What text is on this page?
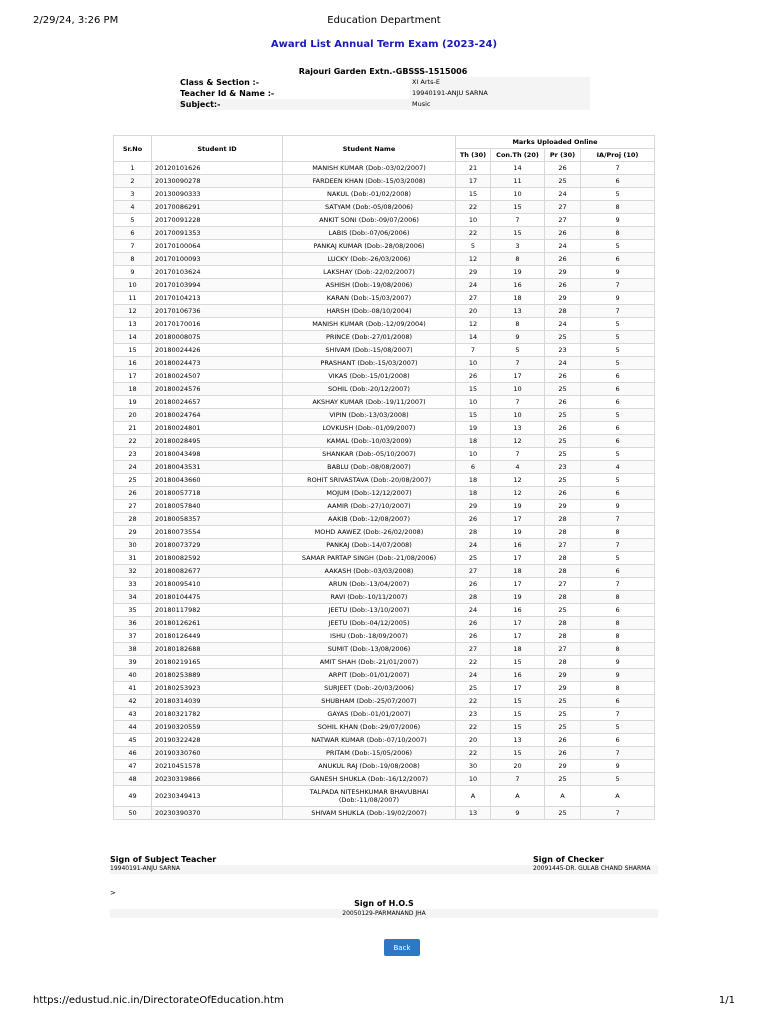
2/29/24, 3:26 PM	Education Department
Award List Annual Term Exam (2023-24)
Rajouri Garden Extn.-GBSSS-1515006
Class & Section :-	XI Arts-E
Teacher Id & Name :-	19940191-ANJU SARNA
Subject:-	Music
Sr.No	Student ID	Student Name	Marks Uploaded Online			
			Th (30)	Con.Th (20)	Pr (30)	IA/Proj (10)
1	20120101626	MANISH KUMAR (Dob:-03/02/2007)	21	14	26	7
2	20130090278	FARDEEN KHAN (Dob:-15/03/2008)	17	11	25	6
3	20130090333	NAKUL (Dob:-01/02/2008)	15	10	24	5
4	20170086291	SATYAM (Dob:-05/08/2006)	22	15	27	8
5	20170091228	ANKIT SONI (Dob:-09/07/2006)	10	7	27	9
6	20170091353	LABIS (Dob:-07/06/2006)	22	15	26	8
7	20170100064	PANKAJ KUMAR (Dob:-28/08/2006)	5	3	24	5
8	20170100093	LUCKY (Dob:-26/03/2006)	12	8	26	6
9	20170103624	LAKSHAY (Dob:-22/02/2007)	29	19	29	9
10	20170103994	ASHISH (Dob:-19/08/2006)	24	16	26	7
11	20170104213	KARAN (Dob:-15/03/2007)	27	18	29	9
12	20170106736	HARSH (Dob:-08/10/2004)	20	13	28	7
13	20170170016	MANISH KUMAR (Dob:-12/09/2004)	12	8	24	5
14	20180008075	PRINCE (Dob:-27/01/2008)	14	9	25	5
15	20180024426	SHIVAM (Dob:-15/08/2007)	7	5	23	5
16	20180024473	PRASHANT (Dob:-15/03/2007)	10	7	24	5
17	20180024507	VIKAS (Dob:-15/01/2008)	26	17	26	6
18	20180024576	SOHIL (Dob:-20/12/2007)	15	10	25	6
19	20180024657	AKSHAY KUMAR (Dob:-19/11/2007)	10	7	26	6
20	20180024764	VIPIN (Dob:-13/03/2008)	15	10	25	5
21	20180024801	LOVKUSH (Dob:-01/09/2007)	19	13	26	6
22	20180028495	KAMAL (Dob:-10/03/2009)	18	12	25	6
23	20180043498	SHANKAR (Dob:-05/10/2007)	10	7	25	5
24	20180043531	BABLU (Dob:-08/08/2007)	6	4	23	4
25	20180043660	ROHIT SRIVASTAVA (Dob:-20/08/2007)	18	12	25	5
26	20180057718	MOJUM (Dob:-12/12/2007)	18	12	26	6
27	20180057840	AAMIR (Dob:-27/10/2007)	29	19	29	9
28	20180058357	AAKIB (Dob:-12/08/2007)	26	17	28	7
29	20180073554	MOHD AAWEZ (Dob:-26/02/2008)	28	19	28	8
30	20180073729	PANKAJ (Dob:-14/07/2008)	24	16	27	7
31	20180082592	SAMAR PARTAP SINGH (Dob:-21/08/2006)	25	17	28	5
32	20180082677	AAKASH (Dob:-03/03/2008)	27	18	28	6
33	20180095410	ARUN (Dob:-13/04/2007)	26	17	27	7
34	20180104475	RAVI (Dob:-10/11/2007)	28	19	28	8
35	20180117982	JEETU (Dob:-13/10/2007)	24	16	25	6
36	20180126261	JEETU (Dob:-04/12/2005)	26	17	28	8
37	20180126449	ISHU (Dob:-18/09/2007)	26	17	28	8
38	20180182688	SUMIT (Dob:-13/08/2006)	27	18	27	8
39	20180219165	AMIT SHAH (Dob:-21/01/2007)	22	15	28	9
40	20180253889	ARPIT (Dob:-01/01/2007)	24	16	29	9
41	20180253923	SURJEET (Dob:-20/03/2006)	25	17	29	8
42	20180314039	SHUBHAM (Dob:-25/07/2007)	22	15	25	6
43	20180321782	GAYAS (Dob:-01/01/2007)	23	15	25	7
44	20190320559	SOHIL KHAN (Dob:-29/07/2006)	22	15	25	5
45	20190322428	NATWAR KUMAR (Dob:-07/10/2007)	20	13	26	6
46	20190330760	PRITAM (Dob:-15/05/2006)	22	15	26	7
47	20210451578	ANUKUL RAJ (Dob:-19/08/2008)	30	20	29	9
48	20230319866	GANESH SHUKLA (Dob:-16/12/2007)	10	7	25	5
49	20230349413	TALPADA NITESHKUMAR BHAVUBHAI (Dob:-11/08/2007)	A	A	A	A
50	20230390370	SHIVAM SHUKLA (Dob:-19/02/2007)	13	9	25	7
Sign of Subject Teacher	Sign of Checker
19940191-ANJU SARNA	20091445-DR. GULAB CHAND SHARMA
>
Sign of H.O.S
20050129-PARMANAND JHA
Back
https://edustud.nic.in/DirectorateOfEducation.htm	1/1
